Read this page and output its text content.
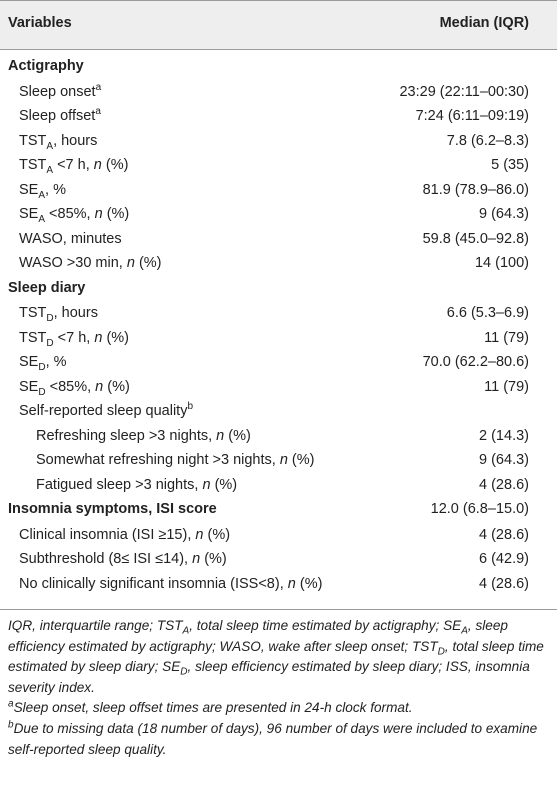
Variables	Median (IQR)
Actigraphy
Sleep onset$^a$	23:29 (22:11–00:30)
Sleep offset$^a$	7:24 (6:11–09:19)
$TST_A$, hours	7.8 (6.2–8.3)
$TST_A <7$ h, n (%)	5 (35)
$SE_A$, %	81.9 (78.9–86.0)
$SE_A <85\%$, n (%)	9 (64.3)
WASO, minutes	59.8 (45.0–92.8)
WASO >30 min, n (%)	14 (100)
Sleep diary
$TST_D$, hours	6.6 (5.3–6.9)
$TST_D <7$ h, n (%)	11 (79)
$SE_D$, %	70.0 (62.2–80.6)
$SE_D <85\%$, n (%)	11 (79)
Self-reported sleep quality$^b$
Refreshing sleep >3 nights, n (%)	2 (14.3)
Somewhat refreshing night >3 nights, n (%)	9 (64.3)
Fatigued sleep >3 nights, n (%)	4 (28.6)
Insomnia symptoms, ISI score	12.0 (6.8–15.0)
Clinical insomnia (ISI ≥15), n (%)	4 (28.6)
Subthreshold (8≤ ISI ≤14), n (%)	6 (42.9)
No clinically significant insomnia (ISS<8), n (%)	4 (28.6)

IQR, interquartile range; $TST_A$, total sleep time estimated by actigraphy; $SE_A$, sleep efficiency estimated by actigraphy; WASO, wake after sleep onset; $TST_D$, total sleep time estimated by sleep diary; $SE_D$, sleep efficiency estimated by sleep diary; ISS, insomnia severity index.

$^a$Sleep onset, sleep offset times are presented in 24-h clock format.

$^b$Due to missing data (18 number of days), 96 number of days were included to examine self-reported sleep quality.
